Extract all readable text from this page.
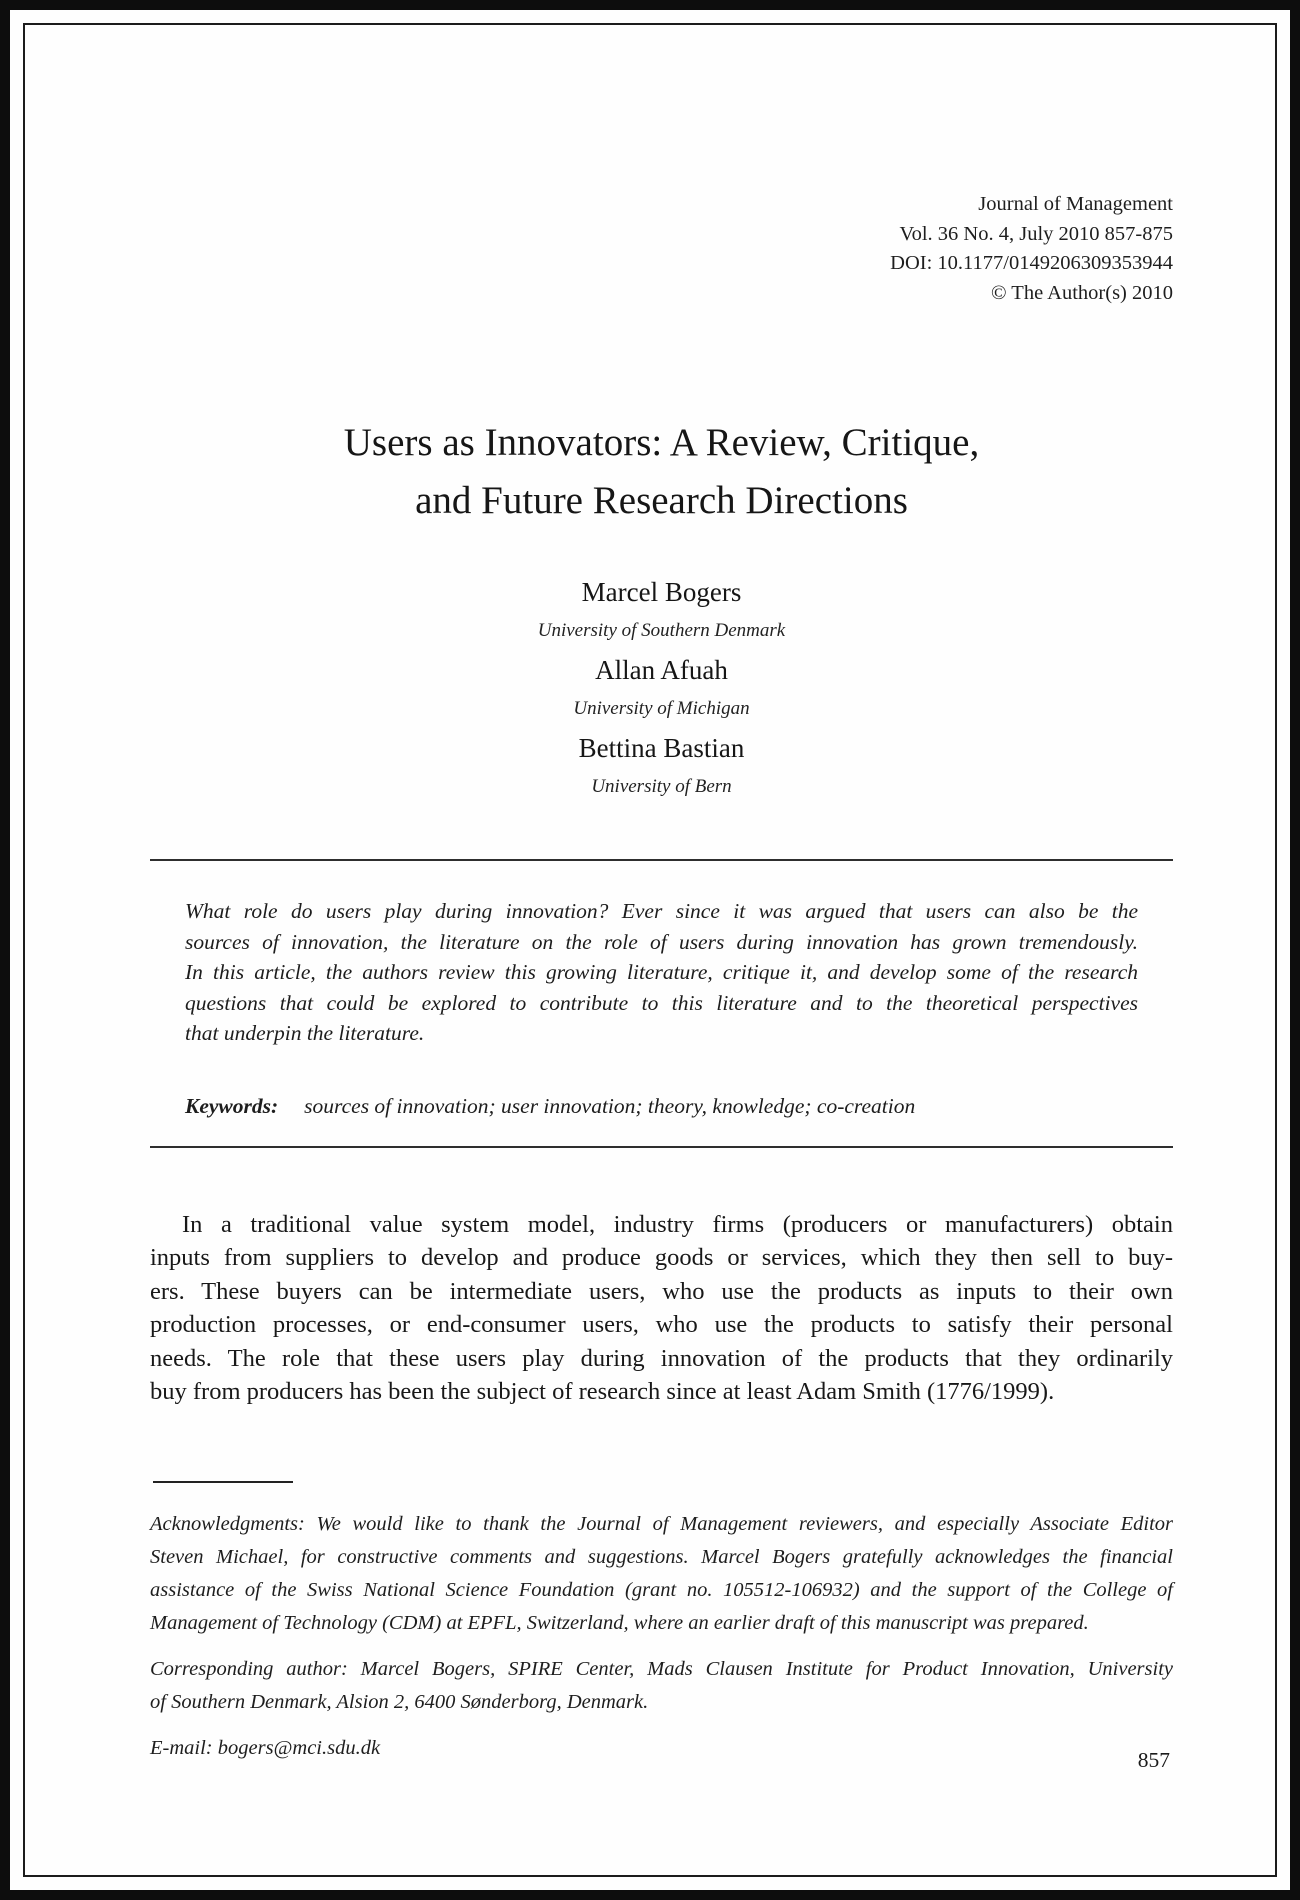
Journal of Management
Vol. 36 No. 4, July 2010 857-875
DOI: 10.1177/0149206309353944
© The Author(s) 2010
Users as Innovators: A Review, Critique,
and Future Research Directions
Marcel Bogers
University of Southern Denmark
Allan Afuah
University of Michigan
Bettina Bastian
University of Bern
What role do users play during innovation? Ever since it was argued that users can also be the
sources of innovation, the literature on the role of users during innovation has grown tremendously.
In this article, the authors review this growing literature, critique it, and develop some of the research
questions that could be explored to contribute to this literature and to the theoretical perspectives
that underpin the literature.
Keywords: sources of innovation; user innovation; theory, knowledge; co-creation
In a traditional value system model, industry firms (producers or manufacturers) obtain
inputs from suppliers to develop and produce goods or services, which they then sell to buy-
ers. These buyers can be intermediate users, who use the products as inputs to their own
production processes, or end-consumer users, who use the products to satisfy their personal
needs. The role that these users play during innovation of the products that they ordinarily
buy from producers has been the subject of research since at least Adam Smith (1776/1999).
Acknowledgments: We would like to thank the Journal of Management reviewers, and especially Associate Editor
Steven Michael, for constructive comments and suggestions. Marcel Bogers gratefully acknowledges the financial
assistance of the Swiss National Science Foundation (grant no. 105512-106932) and the support of the College of
Management of Technology (CDM) at EPFL, Switzerland, where an earlier draft of this manuscript was prepared.
Corresponding author: Marcel Bogers, SPIRE Center, Mads Clausen Institute for Product Innovation, University
of Southern Denmark, Alsion 2, 6400 Sønderborg, Denmark.
E-mail: bogers@mci.sdu.dk	857
